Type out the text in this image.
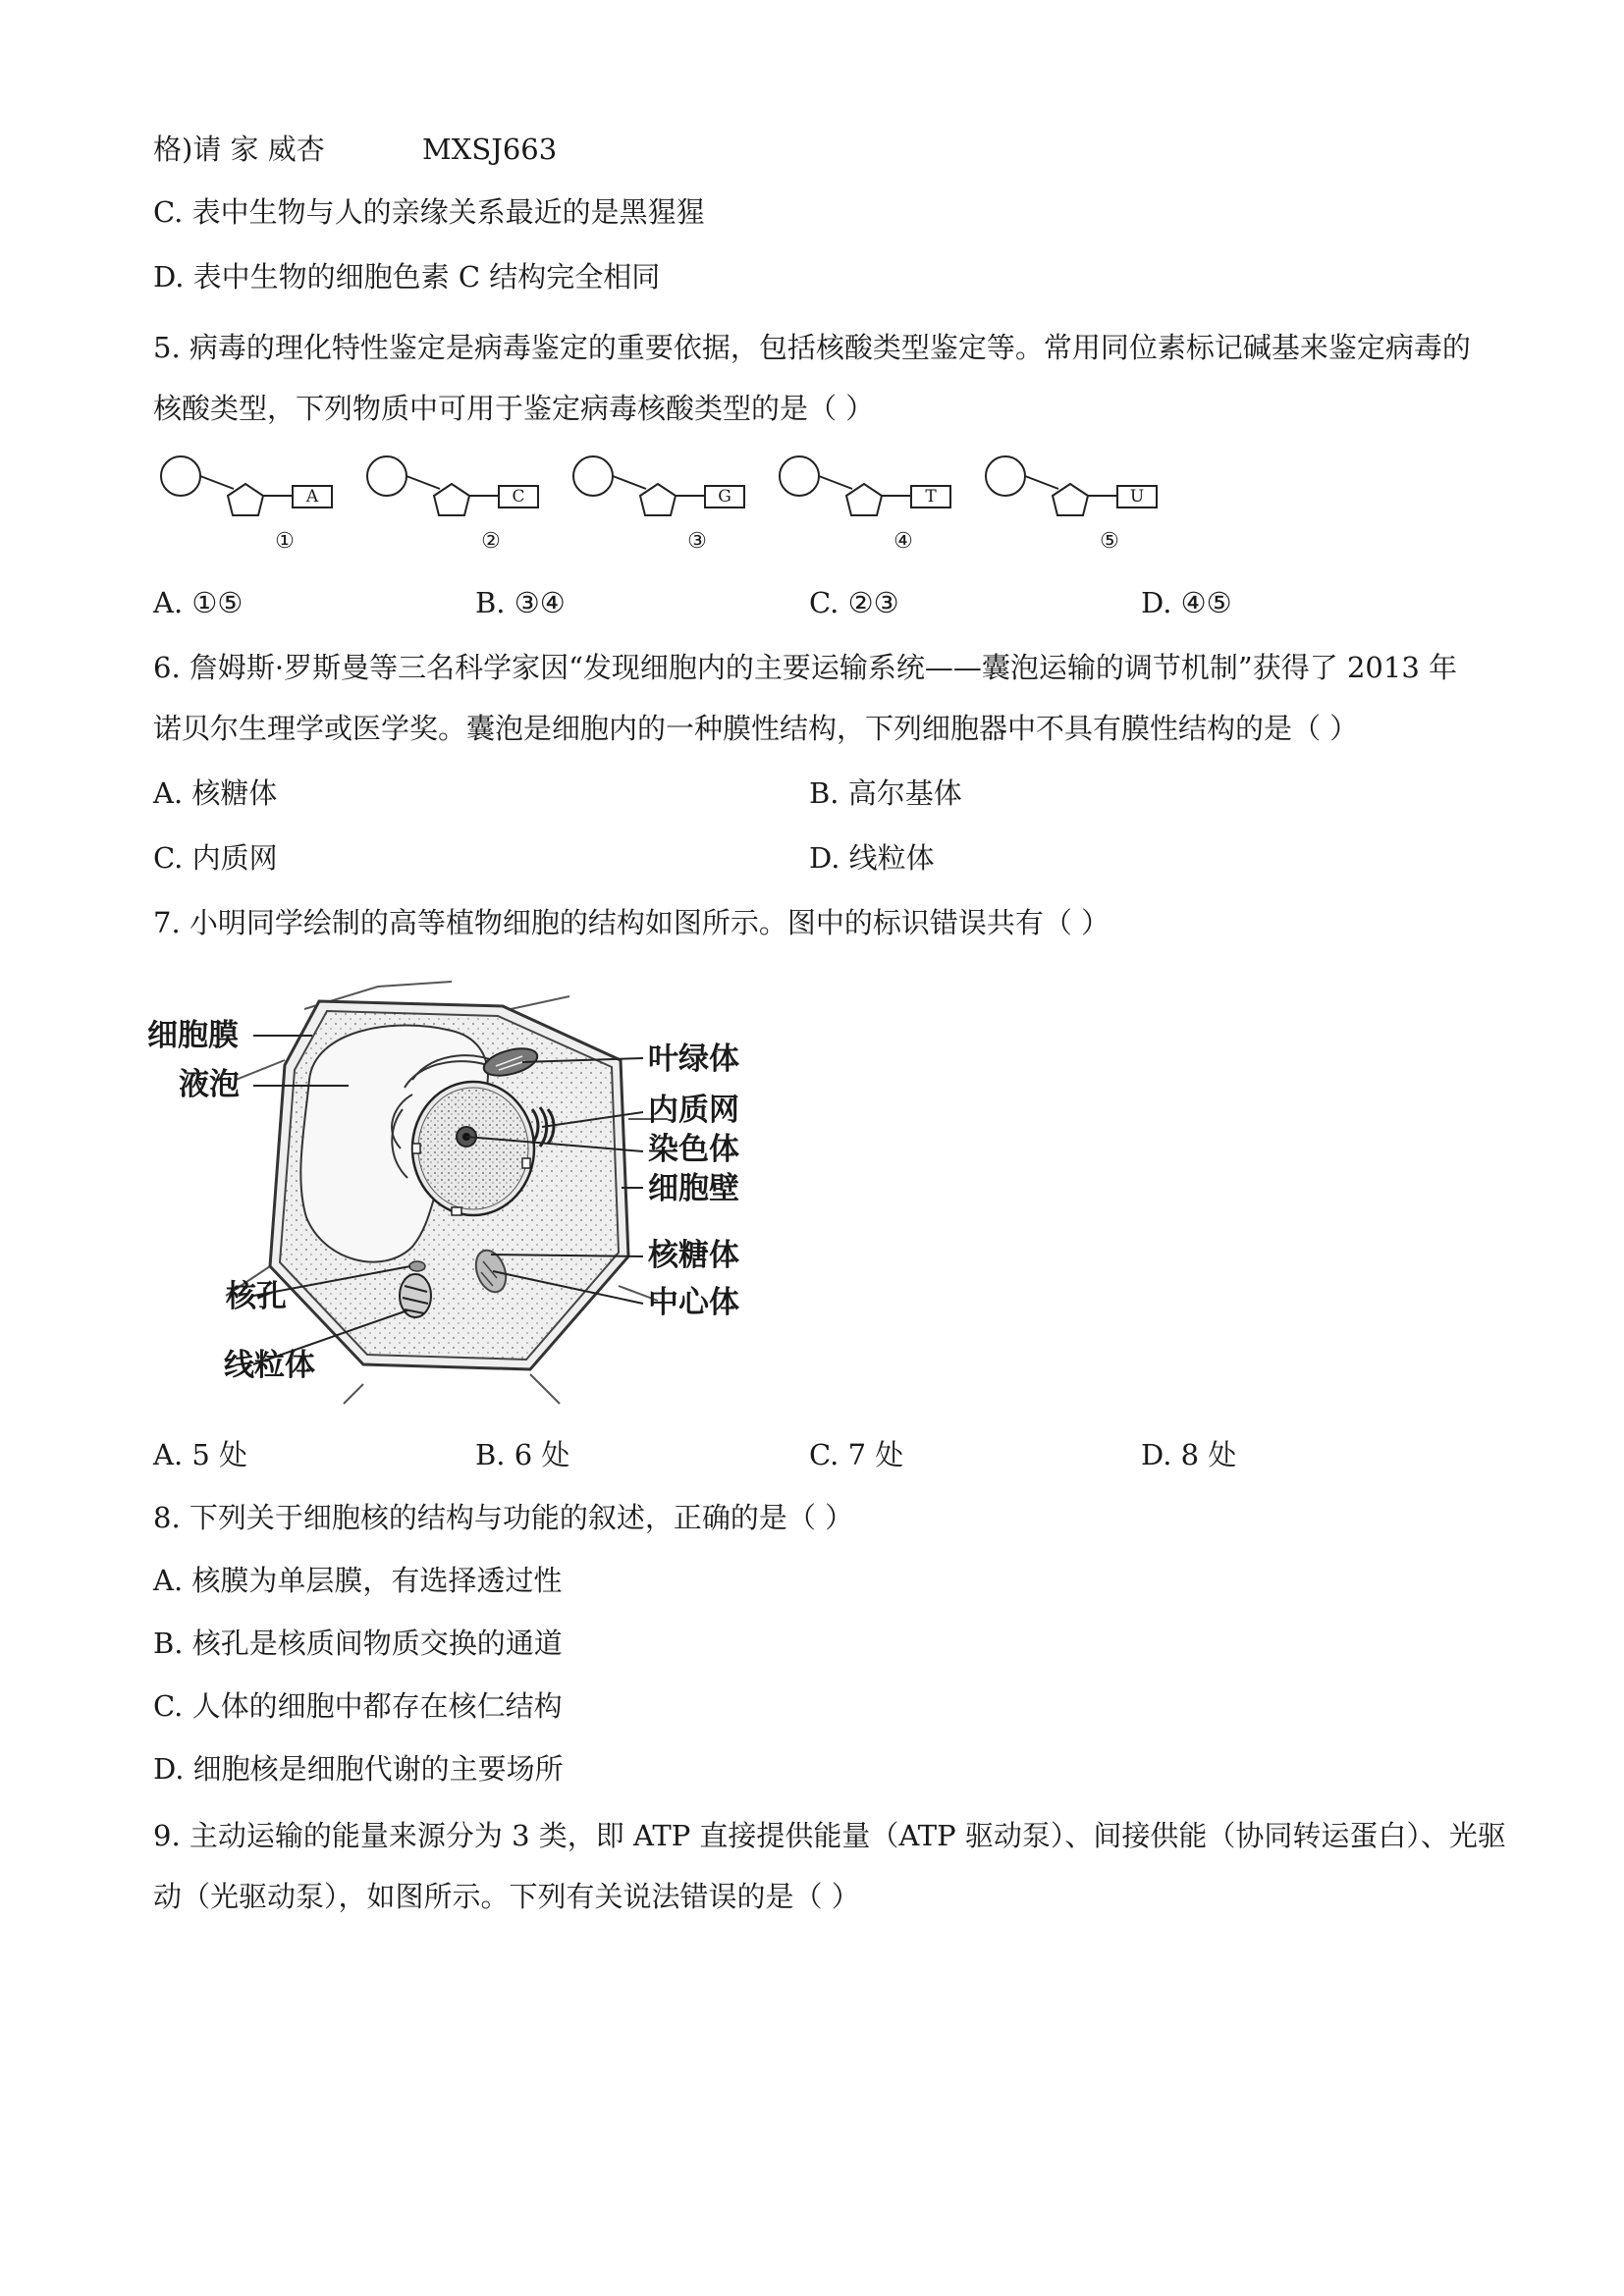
格)请 家 威杏	MXSJ663
C. 表中生物与人的亲缘关系最近的是黑猩猩
D. 表中生物的细胞色素 C 结构完全相同
5. 病毒的理化特性鉴定是病毒鉴定的重要依据，包括核酸类型鉴定等。常用同位素标记碱基来鉴定病毒的
核酸类型，下列物质中可用于鉴定病毒核酸类型的是（ ）
A
①
C
②
G
③
T
④
U
⑤
A. ①⑤	B. ③④	C. ②③	D. ④⑤
6. 詹姆斯·罗斯曼等三名科学家因“发现细胞内的主要运输系统——囊泡运输的调节机制”获得了 2013 年
诺贝尔生理学或医学奖。囊泡是细胞内的一种膜性结构，下列细胞器中不具有膜性结构的是（ ）
A. 核糖体	B. 高尔基体
C. 内质网	D. 线粒体
7. 小明同学绘制的高等植物细胞的结构如图所示。图中的标识错误共有（ ）
细胞膜
液泡
核孔
线粒体
叶绿体
内质网
染色体
细胞壁
核糖体
中心体
A. 5 处	B. 6 处	C. 7 处	D. 8 处
8. 下列关于细胞核的结构与功能的叙述，正确的是（ ）
A. 核膜为单层膜，有选择透过性
B. 核孔是核质间物质交换的通道
C. 人体的细胞中都存在核仁结构
D. 细胞核是细胞代谢的主要场所
9. 主动运输的能量来源分为 3 类，即 ATP 直接提供能量（ATP 驱动泵）、间接供能（协同转运蛋白）、光驱
动（光驱动泵），如图所示。下列有关说法错误的是（ ）
